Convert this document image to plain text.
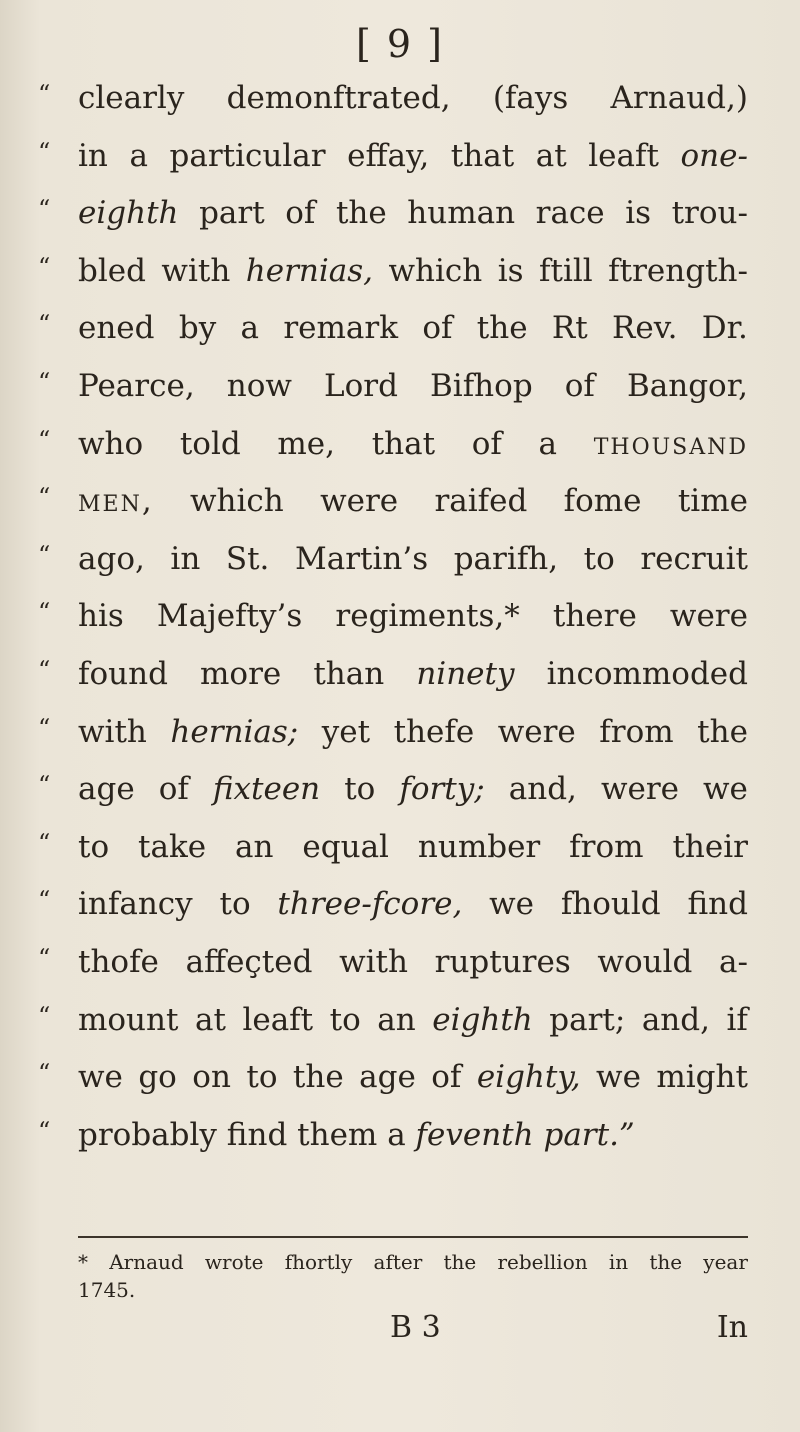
[ 9 ]
“ clearly demonftrated, (fays Arnaud,)
“ in a particular effay, that at leaft one-
“ eighth part of the human race is trou-
“ bled with hernias, which is ftill ftrength-
“ ened by a remark of the Rt Rev. Dr.
“ Pearce, now Lord Bifhop of Bangor,
“ who told me, that of a thousand
“ men, which were raifed fome time
“ ago, in St. Martin’s parifh, to recruit
“ his Majefty’s regiments,* there were
“ found more than ninety incommoded
“ with hernias; yet thefe were from the
“ age of fixteen to forty; and, were we
“ to take an equal number from their
“ infancy to three-fcore, we fhould find
“ thofe affeçted with ruptures would a-
“ mount at leaft to an eighth part; and, if
“ we go on to the age of eighty, we might
“ probably
find
them
a
feventh
part.”
* Arnaud wrote fhortly after the rebellion in the year
1745.
B 3	In
